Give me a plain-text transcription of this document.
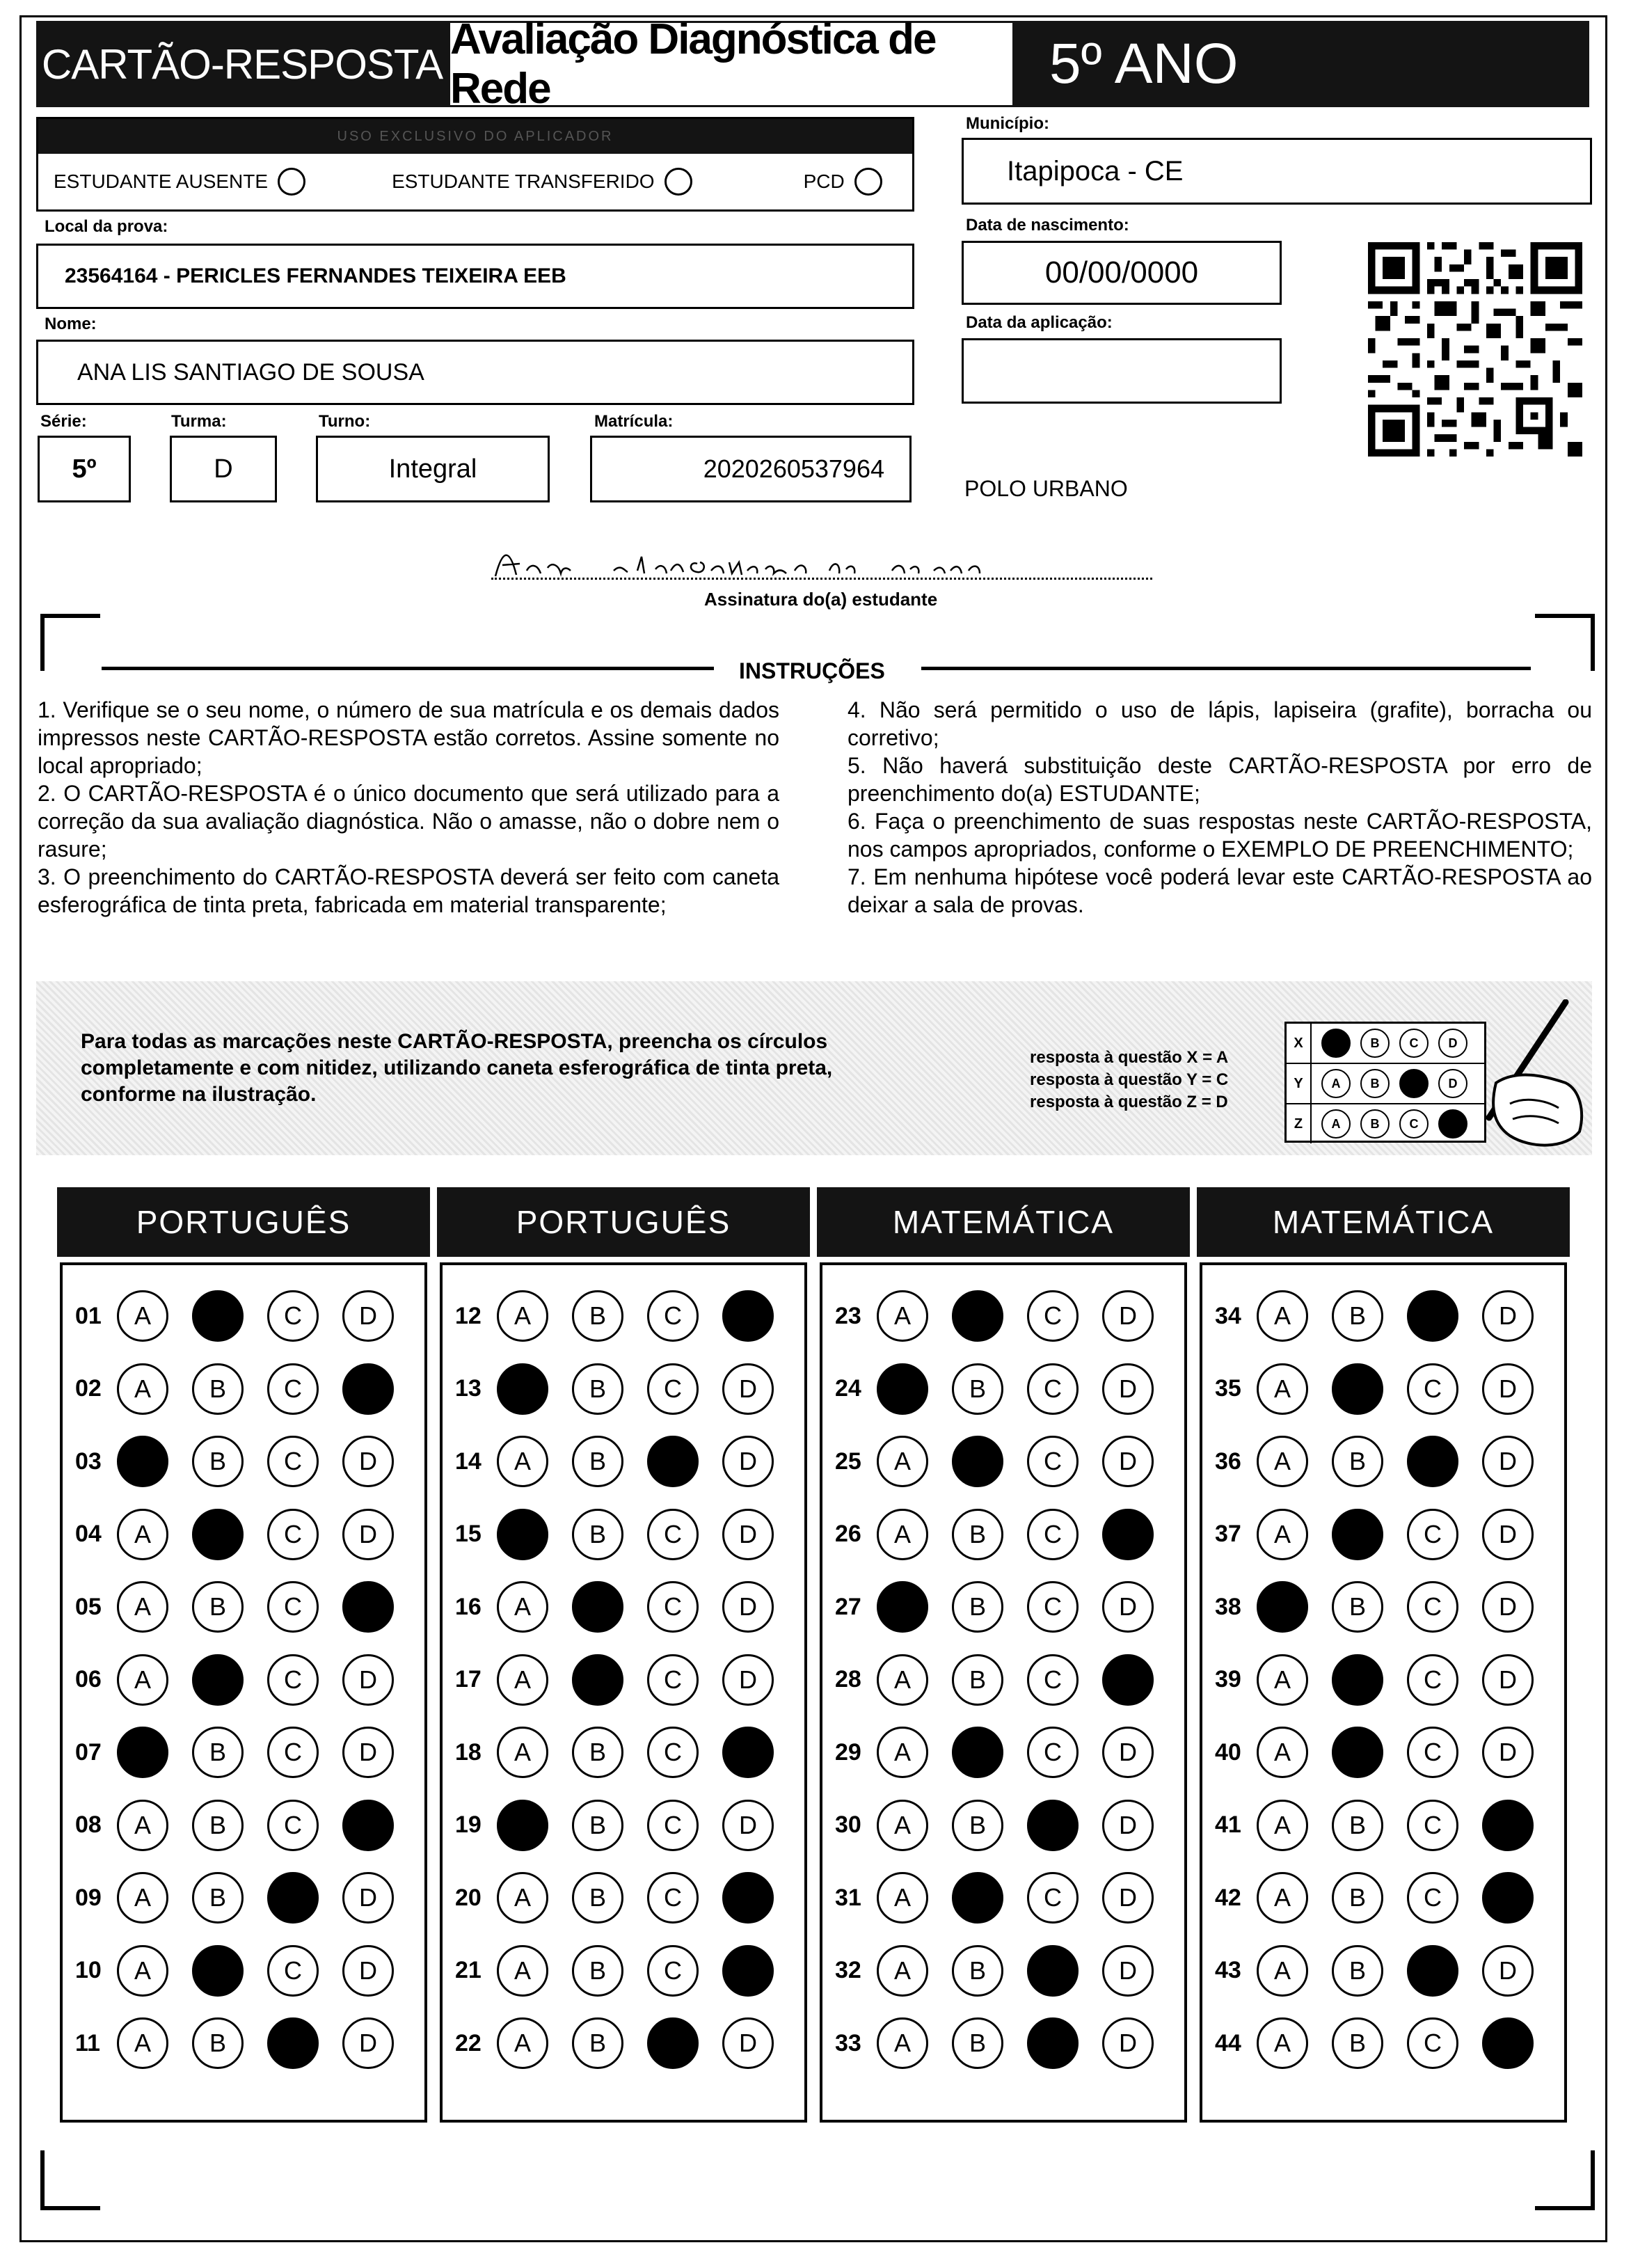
CARTÃO-RESPOSTA
Avaliação Diagnóstica de Rede	5º ANO
USO EXCLUSIVO DO APLICADOR
ESTUDANTE AUSENTE	ESTUDANTE TRANSFERIDO	PCD
Local da prova:
23564164 - PERICLES FERNANDES TEIXEIRA EEB
Nome:
ANA LIS SANTIAGO DE SOUSA
Série:
5º
Turma:
D
Turno:
Integral
Matrícula:
2020260537964
Município:
Itapipoca - CE
Data de nascimento:
00/00/0000
Data da aplicação:
POLO URBANO
Assinatura do(a) estudante
INSTRUÇÕES
1. Verifique se o seu nome, o número de sua matrícula e os demais dados impressos neste CARTÃO-RESPOSTA estão corretos. Assine somente no local apropriado;
2. O CARTÃO-RESPOSTA é o único documento que será utilizado para a correção da sua avaliação diagnóstica. Não o amasse, não o dobre nem o rasure;
3. O preenchimento do CARTÃO-RESPOSTA deverá ser feito com caneta esferográfica de tinta preta, fabricada em material transparente;
4. Não será permitido o uso de lápis, lapiseira (grafite), borracha ou corretivo;
5. Não haverá substituição deste CARTÃO-RESPOSTA por erro de preenchimento do(a) ESTUDANTE;
6. Faça o preenchimento de suas respostas neste CARTÃO-RESPOSTA, nos campos apropriados, conforme o EXEMPLO DE PREENCHIMENTO;
7. Em nenhuma hipótese você poderá levar este CARTÃO-RESPOSTA ao deixar a sala de provas.
Para todas as marcações neste CARTÃO-RESPOSTA, preencha os círculos completamente e com nitidez, utilizando caneta esferográfica de tinta preta, conforme na ilustração.
resposta à questão X = A
resposta à questão Y = C
resposta à questão Z = D
X	A	B	C	D
Y	A	B	C	D
Z	A	B	C	D
PORTUGUÊS
01	A	B	C	D
02	A	B	C	D
03	A	B	C	D
04	A	B	C	D
05	A	B	C	D
06	A	B	C	D
07	A	B	C	D
08	A	B	C	D
09	A	B	C	D
10	A	B	C	D
11	A	B	C	D
PORTUGUÊS
12	A	B	C	D
13	A	B	C	D
14	A	B	C	D
15	A	B	C	D
16	A	B	C	D
17	A	B	C	D
18	A	B	C	D
19	A	B	C	D
20	A	B	C	D
21	A	B	C	D
22	A	B	C	D
MATEMÁTICA
23	A	B	C	D
24	A	B	C	D
25	A	B	C	D
26	A	B	C	D
27	A	B	C	D
28	A	B	C	D
29	A	B	C	D
30	A	B	C	D
31	A	B	C	D
32	A	B	C	D
33	A	B	C	D
MATEMÁTICA
34	A	B	C	D
35	A	B	C	D
36	A	B	C	D
37	A	B	C	D
38	A	B	C	D
39	A	B	C	D
40	A	B	C	D
41	A	B	C	D
42	A	B	C	D
43	A	B	C	D
44	A	B	C	D
